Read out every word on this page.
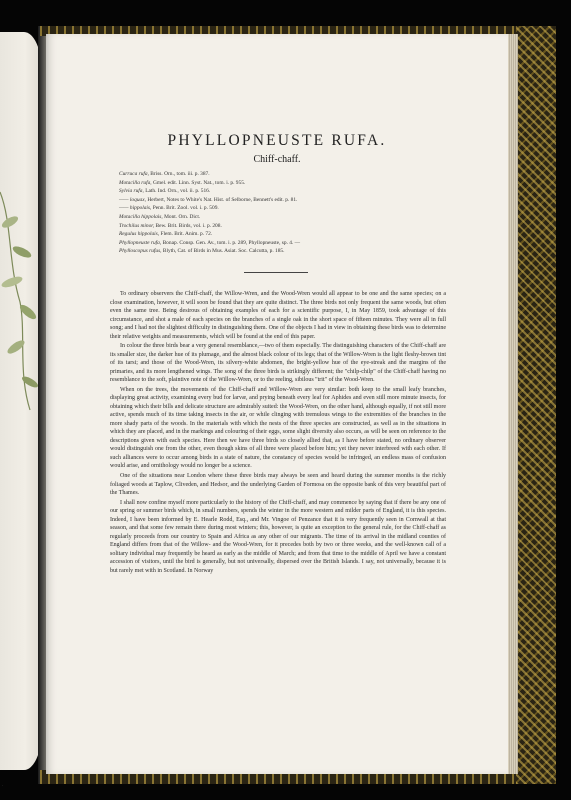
·
PHYLLOPNEUSTE RUFA.
Chiff-chaff.
Curruca rufa, Briss. Orn., tom. iii. p. 387.
Motacilla rufa, Gmel. edit. Linn. Syst. Nat., tom. i. p. 955.
Sylvia rufa, Lath. Ind. Orn., vol. ii. p. 516.
—— loquax, Herbert, Notes to White's Nat. Hist. of Selborne, Bennett's edit. p. 81.
—— hippolais, Penn. Brit. Zool. vol. i. p. 509.
Motacilla hippolais, Mont. Orn. Dict.
Trochilus minor, Bew. Brit. Birds, vol. i. p. 208.
Regulus hippolais, Flem. Brit. Anim. p. 72.
Phyllopneuste rufa, Bonap. Consp. Gen. Av., tom. i. p. 289, Phyllopneuste, sp. 4. —
Phylloscopus rufus, Blyth, Cat. of Birds in Mus. Asiat. Soc. Calcutta, p. 185.

To ordinary observers the Chiff-chaff, the Willow-Wren, and the Wood-Wren would all appear to be one and the same species; on a close examination, however, it will soon be found that they are quite distinct. The three birds not only frequent the same woods, but often even the same tree. Being desirous of obtaining examples of each for a scientific purpose, I, in May 1859, took advantage of this circumstance, and shot a male of each species on the branches of a single oak in the short space of fifteen minutes. They were all in full song; and I had not the slightest difficulty in distinguishing them. One of the objects I had in view in obtaining these birds was to determine their relative weights and measurements, which will be found at the end of this paper.

In colour the three birds bear a very general resemblance,—two of them especially. The distinguishing characters of the Chiff-chaff are its smaller size, the darker hue of its plumage, and the almost black colour of its legs; that of the Willow-Wren is the light fleshy-brown tint of its tarsi; and those of the Wood-Wren, its silvery-white abdomen, the bright-yellow hue of the eye-streak and the margins of the primaries, and its more lengthened wings. The song of the three birds is strikingly different; the "chilp-chilp" of the Chiff-chaff having no resemblance to the soft, plaintive note of the Willow-Wren, or to the reeling, sibilous "trit" of the Wood-Wren.

When on the trees, the movements of the Chiff-chaff and Willow-Wren are very similar: both keep to the small leafy branches, displaying great activity, examining every bud for larvæ, and prying beneath every leaf for Aphides and even still more minute insects, for obtaining which their bills and delicate structure are admirably suited: the Wood-Wren, on the other hand, although equally, if not still more active, spends much of its time taking insects in the air, or while clinging with tremulous wings to the extremities of the branches in the more shady parts of the woods. In the materials with which the nests of the three species are constructed, as well as in the situations in which they are placed, and in the markings and colouring of their eggs, some slight diversity also occurs, as will be seen on reference to the descriptions given with each species. Here then we have three birds so closely allied that, as I have before stated, no ordinary observer would distinguish one from the other, even though skins of all three were placed before him; yet they never interbreed with each other. If such alliances were to occur among birds in a state of nature, the constancy of species would be infringed, an endless mass of confusion would arise, and ornithology would no longer be a science.

One of the situations near London where these three birds may always be seen and heard during the summer months is the richly foliaged woods at Taplow, Cliveden, and Hedsor, and the underlying Garden of Formosa on the opposite bank of this very beautiful part of the Thames.

I shall now confine myself more particularly to the history of the Chiff-chaff, and may commence by saying that if there be any one of our spring or summer birds which, in small numbers, spends the winter in the more western and milder parts of England, it is this species. Indeed, I have been informed by E. Hearle Rodd, Esq., and Mr. Vingoe of Penzance that it is very frequently seen in Cornwall at that season, and that some few remain there during most winters; this, however, is quite an exception to the general rule, for the Chiff-chaff as regularly proceeds from our country to Spain and Africa as any other of our migrants. The time of its arrival in the midland counties of England differs from that of the Willow- and the Wood-Wren, for it precedes both by two or three weeks, and the well-known call of a solitary individual may frequently be heard as early as the middle of March; and from that time to the middle of April we have a constant accession of visitors, until the bird is generally, but not universally, dispersed over the British Islands. I say, not universally, because it is but rarely met with in Scotland. In Norway
